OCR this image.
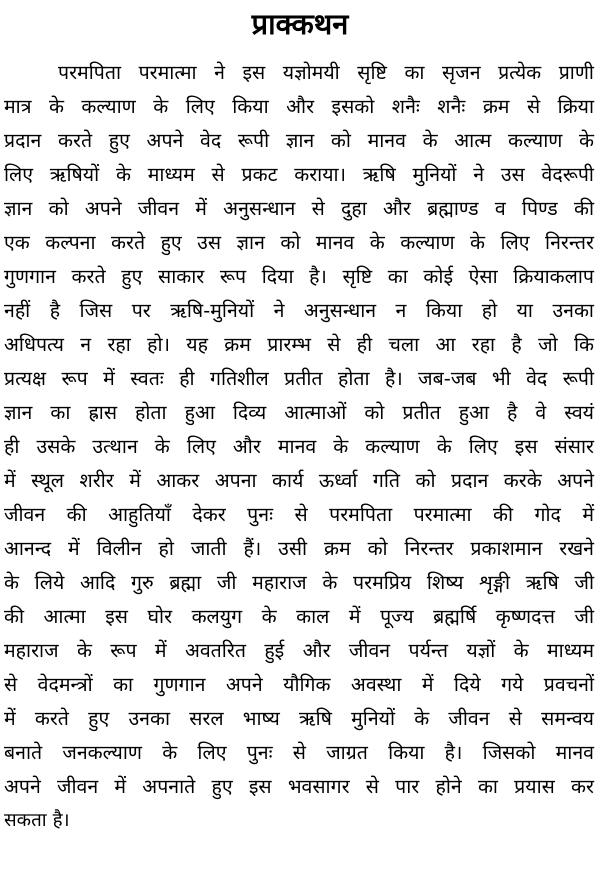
प्राक्कथन
परमपिता परमात्मा ने इस यज्ञोमयी सृष्टि का सृजन प्रत्येक प्राणी
मात्र के कल्याण के लिए किया और इसको शनैः शनैः क्रम से क्रिया
प्रदान करते हुए अपने वेद रूपी ज्ञान को मानव के आत्म कल्याण के
लिए ऋषियों के माध्यम से प्रकट कराया। ऋषि मुनियों ने उस वेदरूपी
ज्ञान को अपने जीवन में अनुसन्धान से दुहा और ब्रह्माण्ड व पिण्ड की
एक कल्पना करते हुए उस ज्ञान को मानव के कल्याण के लिए निरन्तर
गुणगान करते हुए साकार रूप दिया है। सृष्टि का कोई ऐसा क्रियाकलाप
नहीं है जिस पर ऋषि-मुनियों ने अनुसन्धान न किया हो या उनका
अधिपत्य न रहा हो। यह क्रम प्रारम्भ से ही चला आ रहा है जो कि
प्रत्यक्ष रूप में स्वतः ही गतिशील प्रतीत होता है। जब-जब भी वेद रूपी
ज्ञान का ह्रास होता हुआ दिव्य आत्माओं को प्रतीत हुआ है वे स्वयं
ही उसके उत्थान के लिए और मानव के कल्याण के लिए इस संसार
में स्थूल शरीर में आकर अपना कार्य ऊर्ध्वा गति को प्रदान करके अपने
जीवन की आहुतियाँ देकर पुनः से परमपिता परमात्मा की गोद में
आनन्द में विलीन हो जाती हैं। उसी क्रम को निरन्तर प्रकाशमान रखने
के लिये आदि गुरु ब्रह्मा जी महाराज के परमप्रिय शिष्य शृङ्गी ऋषि जी
की आत्मा इस घोर कलयुग के काल में पूज्य ब्रह्मर्षि कृष्णदत्त जी
महाराज के रूप में अवतरित हुई और जीवन पर्यन्त यज्ञों के माध्यम
से वेदमन्त्रों का गुणगान अपने यौगिक अवस्था में दिये गये प्रवचनों
में करते हुए उनका सरल भाष्य ऋषि मुनियों के जीवन से समन्वय
बनाते जनकल्याण के लिए पुनः से जाग्रत किया है। जिसको मानव
अपने जीवन में अपनाते हुए इस भवसागर से पार होने का प्रयास कर
सकता है।
